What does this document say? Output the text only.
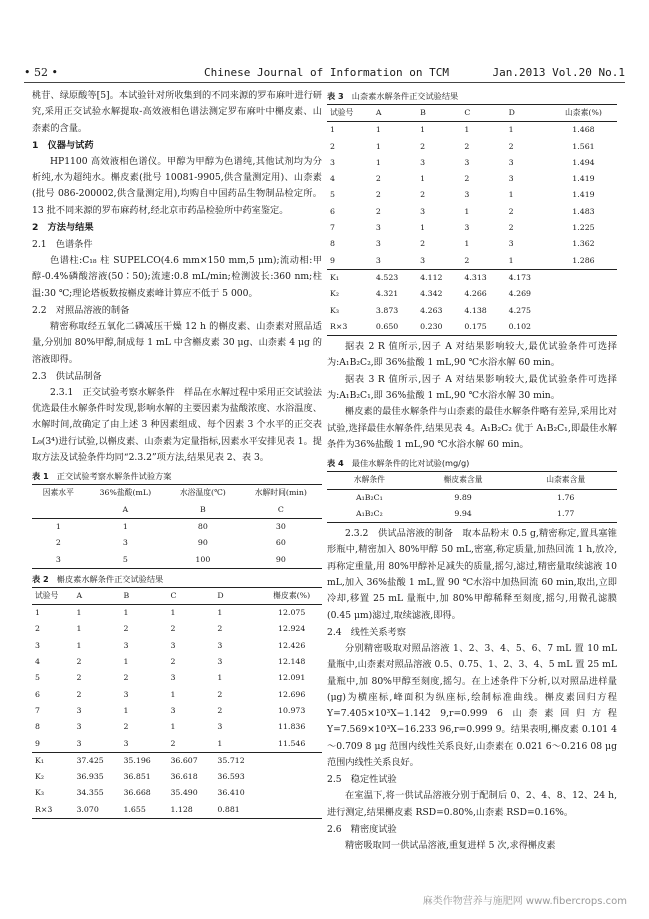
• 52 •	Chinese Journal of Information on TCM	Jan.2013 Vol.20 No.1

桃苷、绿原酸等[5]。本试验针对所收集到的不同来源的罗布麻叶进行研究,采用正交试验水解提取-高效液相色谱法测定罗布麻叶中槲皮素、山柰素的含量。

1　仪器与试药

HP1100 高效液相色谱仪。甲醇为甲醇为色谱纯,其他试剂均为分析纯,水为超纯水。槲皮素(批号 10081-9905,供含量测定用)、山柰素(批号 086-200002,供含量测定用),均购自中国药品生物制品检定所。13 批不同来源的罗布麻药材,经北京市药品检验所中药室鉴定。

2　方法与结果
2.1　色谱条件

色谱柱:C₁₈ 柱 SUPELCO(4.6 mm×150 mm,5 μm);流动相:甲醇-0.4%磷酸溶液(50∶50);流速:0.8 mL/min;检测波长:360 nm;柱温:30 ℃;理论塔板数按槲皮素峰计算应不低于 5 000。

2.2　对照品溶液的制备

精密称取经五氧化二磷减压干燥 12 h 的槲皮素、山柰素对照品适量,分别加 80%甲醇,制成每 1 mL 中含槲皮素 30 μg、山柰素 4 μg 的溶液即得。

2.3　供试品制备

2.3.1　正交试验考察水解条件　样品在水解过程中采用正交试验法优选最佳水解条件时发现,影响水解的主要因素为盐酸浓度、水浴温度、水解时间,故确定了由上述 3 种因素组成、每个因素 3 个水平的正交表 L₉(3⁴)进行试验,以槲皮素、山柰素为定量指标,因素水平安排见表 1。提取方法及试验条件均同“2.3.2”项方法,结果见表 2、表 3。

表 1 正交试验考察水解条件试验方案
因素水平	36%盐酸(mL)	水浴温度(℃)	水解时间(min)
	A	B	C
1	1	80	30
2	3	90	60
3	5	100	90
表 2 槲皮素水解条件正交试验结果
试验号	A	B	C	D	槲皮素(%)
1	1	1	1	1	12.075
2	1	2	2	2	12.924
3	1	3	3	3	12.426
4	2	1	2	3	12.148
5	2	2	3	1	12.091
6	2	3	1	2	12.696
7	3	1	3	2	10.973
8	3	2	1	3	11.836
9	3	3	2	1	11.546
K₁	37.425	35.196	36.607	35.712	
K₂	36.935	36.851	36.618	36.593	
K₃	34.355	36.668	35.490	36.410	
R×3	3.070	1.655	1.128	0.881	
表 3 山柰素水解条件正交试验结果
试验号	A	B	C	D	山柰素(%)
1	1	1	1	1	1.468
2	1	2	2	2	1.561
3	1	3	3	3	1.494
4	2	1	2	3	1.419
5	2	2	3	1	1.419
6	2	3	1	2	1.483
7	3	1	3	2	1.225
8	3	2	1	3	1.362
9	3	3	2	1	1.286
K₁	4.523	4.112	4.313	4.173	
K₂	4.321	4.342	4.266	4.269	
K₃	3.873	4.263	4.138	4.275	
R×3	0.650	0.230	0.175	0.102	

据表 2 R 值所示,因子 A 对结果影响较大,最优试验条件可选择为:A₁B₂C₂,即 36%盐酸 1 mL,90 ℃水浴水解 60 min。

据表 3 R 值所示,因子 A 对结果影响较大,最优试验条件可选择为:A₁B₂C₁,即 36%盐酸 1 mL,90 ℃水浴水解 30 min。

槲皮素的最佳水解条件与山柰素的最佳水解条件略有差异,采用比对试验,选择最佳水解条件,结果见表 4。A₁B₂C₂ 优于 A₁B₂C₁,即最佳水解条件为36%盐酸 1 mL,90 ℃水浴水解 60 min。

表 4 最佳水解条件的比对试验(mg/g)
水解条件	槲皮素含量	山柰素含量
A₁B₂C₁	9.89	1.76
A₁B₂C₂	9.94	1.77

2.3.2　供试品溶液的制备　取本品粉末 0.5 g,精密称定,置具塞锥形瓶中,精密加入 80%甲醇 50 mL,密塞,称定质量,加热回流 1 h,放冷,再称定重量,用 80%甲醇补足减失的质量,摇匀,滤过,精密量取续滤液 10 mL,加入 36%盐酸 1 mL,置 90 ℃水浴中加热回流 60 min,取出,立即冷却,移置 25 mL 量瓶中,加 80%甲醇稀释至刻度,摇匀,用微孔滤膜(0.45 μm)滤过,取续滤液,即得。

2.4　线性关系考察

分别精密吸取对照品溶液 1、2、3、4、5、6、7 mL 置 10 mL 量瓶中,山柰素对照品溶液 0.5、0.75、1、2、3、4、5 mL 置 25 mL 量瓶中,加 80%甲醇至刻度,摇匀。在上述条件下分析,以对照品进样量(μg)为横座标,峰面积为纵座标,绘制标准曲线。槲皮素回归方程 Y=7.405×10³X−1.142 9,r=0.999 6 山柰素回归方程 Y=7.569×10³X−16.233 96,r=0.999 9。结果表明,槲皮素 0.101 4～0.709 8 μg 范围内线性关系良好,山柰素在 0.021 6～0.216 08 μg 范围内线性关系良好。

2.5　稳定性试验

在室温下,将一供试品溶液分别于配制后 0、2、4、8、12、24 h,进行测定,结果槲皮素 RSD=0.80%,山柰素 RSD=0.16%。

2.6　精密度试验

精密吸取同一供试品溶液,重复进样 5 次,求得槲皮素

麻类作物营养与施肥网 www.fibercrops.com
